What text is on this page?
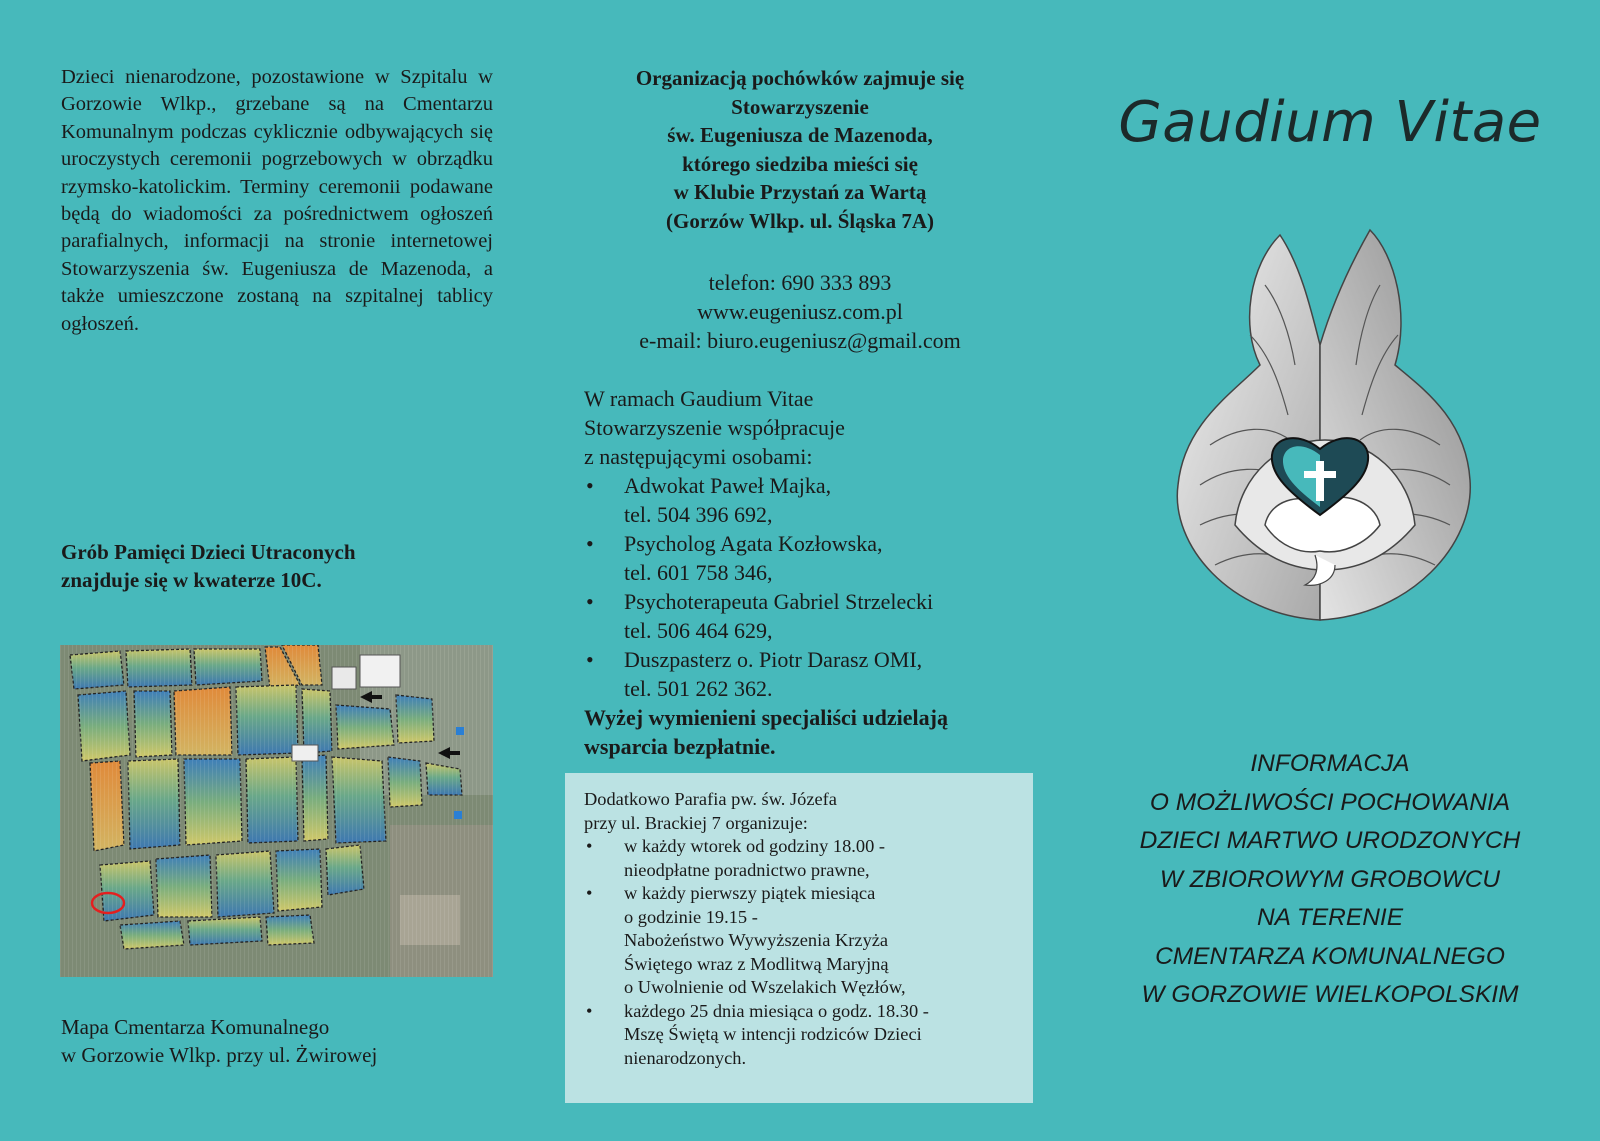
Dzieci nienarodzone, pozostawione w Szpitalu w Gorzowie Wlkp., grzebane są na Cmentarzu Komunalnym podczas cyklicznie odbywających się uroczystych ceremonii pogrzebowych w obrządku rzymsko-katolickim. Terminy ceremonii podawane będą do wiadomości za pośrednictwem ogłoszeń parafialnych, informacji na stronie internetowej Stowarzyszenia św. Eugeniusza de Mazenoda, a także umieszczone zostaną na szpitalnej tablicy ogłoszeń.

Grób Pamięci Dzieci Utraconych
znajduje się w kwaterze 10C.

Mapa Cmentarza Komunalnego
w Gorzowie Wlkp. przy ul. Żwirowej

Organizacją pochówków zajmuje się
Stowarzyszenie
św. Eugeniusza de Mazenoda,
którego siedziba mieści się
w Klubie Przystań za Wartą
(Gorzów Wlkp. ul. Śląska 7A)
telefon: 690 333 893
www.eugeniusz.com.pl
e-mail: biuro.eugeniusz@gmail.com
W ramach Gaudium Vitae
Stowarzyszenie współpracuje
z następującymi osobami:
• Adwokat Paweł Majka,
tel. 504 396 692,
• Psycholog Agata Kozłowska,
tel. 601 758 346,
• Psychoterapeuta Gabriel Strzelecki
tel. 506 464 629,
• Duszpasterz o. Piotr Darasz OMI,
tel. 501 262 362.
Wyżej wymienieni specjaliści udzielają
wsparcia bezpłatnie.
Dodatkowo Parafia pw. św. Józefa
przy ul. Brackiej 7 organizuje:
• w każdy wtorek od godziny 18.00 -
nieodpłatne poradnictwo prawne,
• w każdy pierwszy piątek miesiąca
o godzinie 19.15 -
Nabożeństwo Wywyższenia Krzyża
Świętego wraz z Modlitwą Maryjną
o Uwolnienie od Wszelakich Węzłów,
• każdego 25 dnia miesiąca o godz. 18.30 -
Mszę Świętą w intencji rodziców Dzieci
nienarodzonych.
Gaudium Vitae
INFORMACJA
O MOŻLIWOŚCI POCHOWANIA
DZIECI MARTWO URODZONYCH
W ZBIOROWYM GROBOWCU
NA TERENIE
CMENTARZA KOMUNALNEGO
W GORZOWIE WIELKOPOLSKIM
